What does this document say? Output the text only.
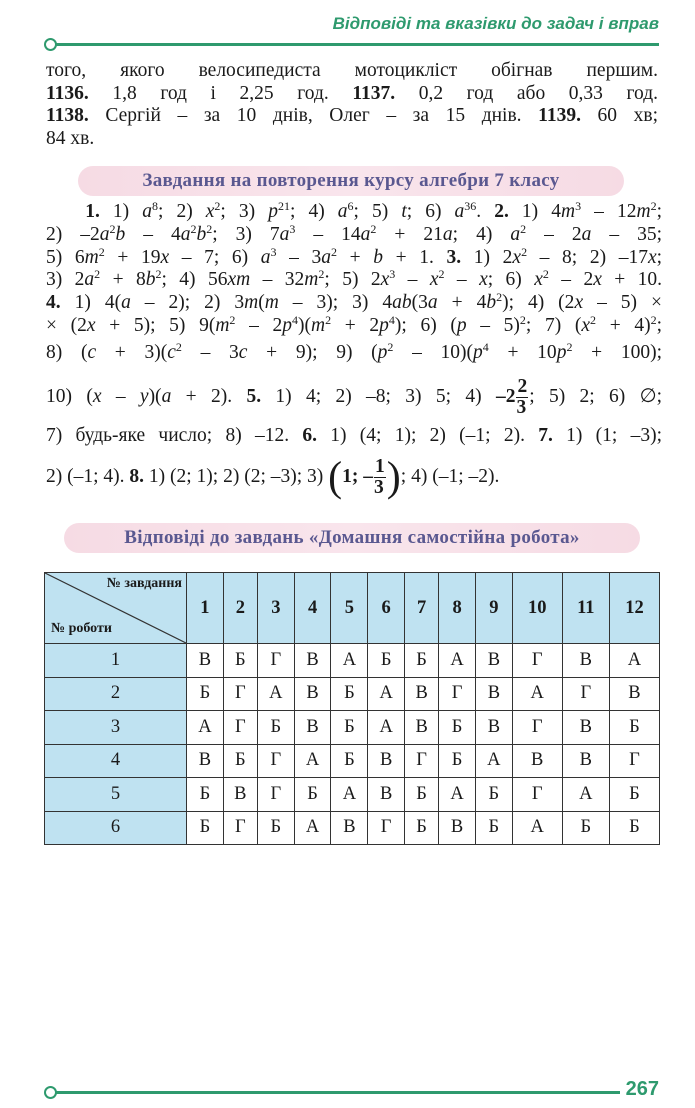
Відповіді та вказівки до задач і вправ

того, якого велосипедиста мотоцикліст обігнав першим.

1136. 1,8 год і 2,25 год. 1137. 0,2 год або 0,33 год.

1138. Сергій – за 10 днів, Олег – за 15 днів. 1139. 60 хв;

84 хв.

Завдання на повторення курсу алгебри 7 класу
1. 1) $a^8$; 2) $x^2$; 3) $p^{21}$; 4) $a^6$; 5) t; 6) $a^{36}$. 2. 1) $4m^3 - 12m^2$;
2) $-2a^2b - 4a^2b^2$; 3) $7a^3 - 14a^2 + 21a$; 4) $a^2 - 2a - 35$;
5) $6m^2 + 19x - 7$; 6) $a^3 - 3a^2 + b + 1$. 3. 1) $2x^2 - 8$; 2) –17x;
3) $2a^2 + 8b^2$; 4) $56xm - 32m^2$; 5) $2x^3 - x^2$ – x; 6) $x^2 - 2x + 10$.
4. 1) 4(a – 2); 2) 3m(m – 3); 3) $4ab(3a + 4b^2)$; 4) (2x – 5) ×
× (2x + 5); 5) $9(m^2 - 2p^4)(m^2 + 2p^4)$; 6) (p – 5)$^2$; 7) $(x^2 + 4)^2$;
8) $(c + 3)(c^2 - 3c + 9)$; 9) $(p^2 - 10)(p^4 + 10p^2 + 100)$;
10) (x – y)(a + 2). 5. 1) 4; 2) –8; 3) 5; 4) $-2 \frac{2}{3}$ ; 5) 2; 6) ∅;
7) будь-яке число; 8) –12. 6. 1) (4; 1); 2) (–1; 2). 7. 1) (1; –3);
2) (–1; 4). 8. 1) (2; 1); 2) (2; –3); 3) (1; – $\frac{1}{3}$ ); 4) (–1; –2).
Відповіді до завдань «Домашня самостійна робота»
№ завдання
№ роботи	1	2	3	4	5	6	7	8	9	10	11	12
1	В	Б	Г	В	А	Б	Б	А	В	Г	В	А
2	Б	Г	А	В	Б	А	В	Г	В	А	Г	В
3	А	Г	Б	В	Б	А	В	Б	В	Г	В	Б
4	В	Б	Г	А	Б	В	Г	Б	А	В	В	Г
5	Б	В	Г	Б	А	В	Б	А	Б	Г	А	Б
6	Б	Г	Б	А	В	Г	Б	В	Б	А	Б	Б
267
